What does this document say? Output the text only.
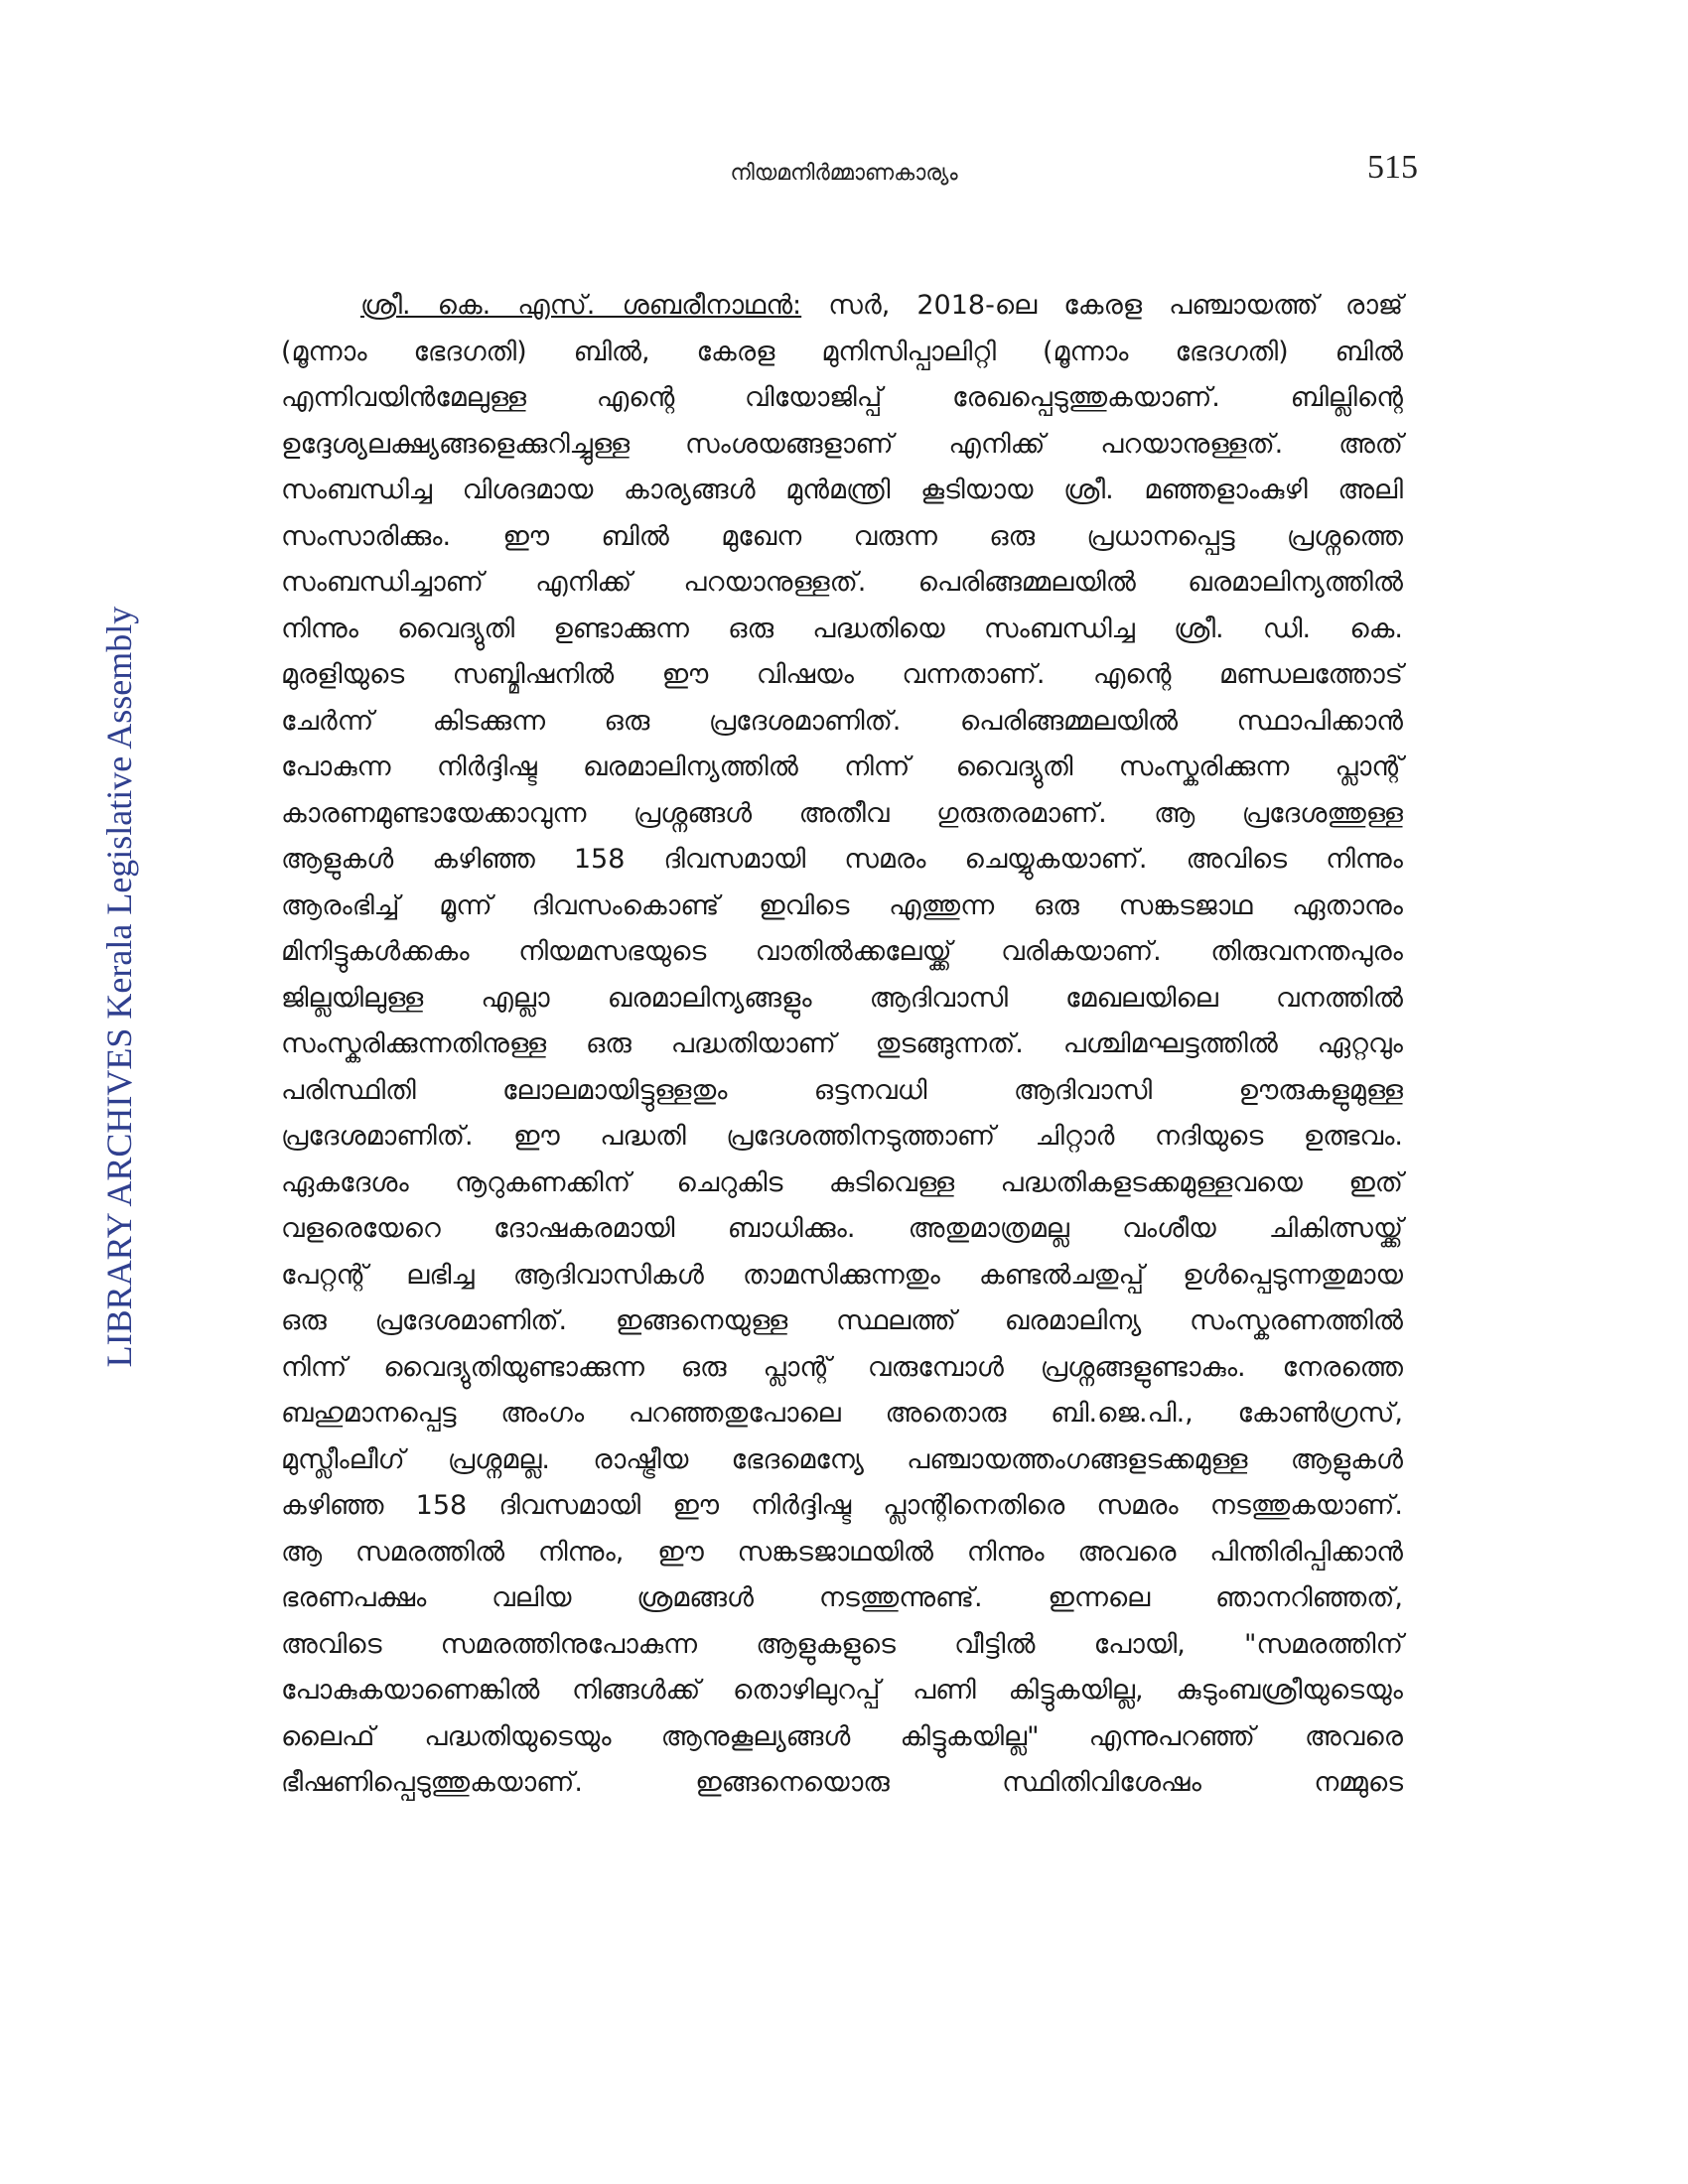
നിയമനിർമ്മാണകാര്യം	515
LIBRARY ARCHIVES Kerala Legislative Assembly
ശ്രീ. കെ. എസ്. ശബരീനാഥൻ: സർ, 2018-ലെ കേരള പഞ്ചായത്ത് രാജ്
(മൂന്നാം ഭേദഗതി) ബിൽ, കേരള മുനിസിപ്പാലിറ്റി (മൂന്നാം ഭേദഗതി) ബിൽ
എന്നിവയിൻമേലുള്ള എന്റെ വിയോജിപ്പ് രേഖപ്പെടുത്തുകയാണ്. ബില്ലിന്റെ
ഉദ്ദേശ്യലക്ഷ്യങ്ങളെക്കുറിച്ചുള്ള സംശയങ്ങളാണ് എനിക്ക് പറയാനുള്ളത്. അത്
സംബന്ധിച്ച വിശദമായ കാര്യങ്ങൾ മുൻമന്ത്രി കൂടിയായ ശ്രീ. മഞ്ഞളാംകുഴി അലി
സംസാരിക്കും. ഈ ബിൽ മുഖേന വരുന്ന ഒരു പ്രധാനപ്പെട്ട പ്രശ്നത്തെ
സംബന്ധിച്ചാണ് എനിക്ക് പറയാനുള്ളത്. പെരിങ്ങമ്മലയിൽ ഖരമാലിന്യത്തിൽ
നിന്നും വൈദ്യുതി ഉണ്ടാക്കുന്ന ഒരു പദ്ധതിയെ സംബന്ധിച്ച ശ്രീ. ഡി. കെ.
മുരളിയുടെ സബ്മിഷനിൽ ഈ വിഷയം വന്നതാണ്. എന്റെ മണ്ഡലത്തോട്
ചേർന്ന് കിടക്കുന്ന ഒരു പ്രദേശമാണിത്. പെരിങ്ങമ്മലയിൽ സ്ഥാപിക്കാൻ
പോകുന്ന നിർദ്ദിഷ്ട ഖരമാലിന്യത്തിൽ നിന്ന് വൈദ്യുതി സംസ്കരിക്കുന്ന പ്ലാന്റ്
കാരണമുണ്ടായേക്കാവുന്ന പ്രശ്നങ്ങൾ അതീവ ഗുരുതരമാണ്. ആ പ്രദേശത്തുള്ള
ആളുകൾ കഴിഞ്ഞ 158 ദിവസമായി സമരം ചെയ്യുകയാണ്. അവിടെ നിന്നും
ആരംഭിച്ച് മൂന്ന് ദിവസംകൊണ്ട് ഇവിടെ എത്തുന്ന ഒരു സങ്കടജാഥ ഏതാനും
മിനിട്ടുകൾക്കകം നിയമസഭയുടെ വാതിൽക്കലേയ്ക്ക് വരികയാണ്. തിരുവനന്തപുരം
ജില്ലയിലുള്ള എല്ലാ ഖരമാലിന്യങ്ങളും ആദിവാസി മേഖലയിലെ വനത്തിൽ
സംസ്കരിക്കുന്നതിനുള്ള ഒരു പദ്ധതിയാണ് തുടങ്ങുന്നത്. പശ്ചിമഘട്ടത്തിൽ ഏറ്റവും
പരിസ്ഥിതി ലോലമായിട്ടുള്ളതും ഒട്ടനവധി ആദിവാസി ഊരുകളുമുള്ള
പ്രദേശമാണിത്. ഈ പദ്ധതി പ്രദേശത്തിനടുത്താണ് ചിറ്റാർ നദിയുടെ ഉത്ഭവം.
ഏകദേശം നൂറുകണക്കിന് ചെറുകിട കുടിവെള്ള പദ്ധതികളടക്കമുള്ളവയെ ഇത്
വളരെയേറെ ദോഷകരമായി ബാധിക്കും. അതുമാത്രമല്ല വംശീയ ചികിത്സയ്ക്ക്
പേറ്റന്റ് ലഭിച്ച ആദിവാസികൾ താമസിക്കുന്നതും കണ്ടൽചതുപ്പ് ഉൾപ്പെടുന്നതുമായ
ഒരു പ്രദേശമാണിത്. ഇങ്ങനെയുള്ള സ്ഥലത്ത് ഖരമാലിന്യ സംസ്കരണത്തിൽ
നിന്ന് വൈദ്യുതിയുണ്ടാക്കുന്ന ഒരു പ്ലാന്റ് വരുമ്പോൾ പ്രശ്നങ്ങളുണ്ടാകും. നേരത്തെ
ബഹുമാനപ്പെട്ട അംഗം പറഞ്ഞതുപോലെ അതൊരു ബി.ജെ.പി., കോൺഗ്രസ്,
മുസ്ലീംലീഗ് പ്രശ്നമല്ല. രാഷ്ട്രീയ ഭേദമെന്യേ പഞ്ചായത്തംഗങ്ങളടക്കമുള്ള ആളുകൾ
കഴിഞ്ഞ 158 ദിവസമായി ഈ നിർദ്ദിഷ്ട പ്ലാന്റിനെതിരെ സമരം നടത്തുകയാണ്.
ആ സമരത്തിൽ നിന്നും, ഈ സങ്കടജാഥയിൽ നിന്നും അവരെ പിന്തിരിപ്പിക്കാൻ
ഭരണപക്ഷം വലിയ ശ്രമങ്ങൾ നടത്തുന്നുണ്ട്. ഇന്നലെ ഞാനറിഞ്ഞത്,
അവിടെ സമരത്തിനുപോകുന്ന ആളുകളുടെ വീട്ടിൽ പോയി, "സമരത്തിന്
പോകുകയാണെങ്കിൽ നിങ്ങൾക്ക് തൊഴിലുറപ്പ് പണി കിട്ടുകയില്ല, കുടുംബശ്രീയുടെയും
ലൈഫ് പദ്ധതിയുടെയും ആനുകൂല്യങ്ങൾ കിട്ടുകയില്ല" എന്നുപറഞ്ഞ് അവരെ
ഭീഷണിപ്പെടുത്തുകയാണ്. ഇങ്ങനെയൊരു സ്ഥിതിവിശേഷം നമ്മുടെ
